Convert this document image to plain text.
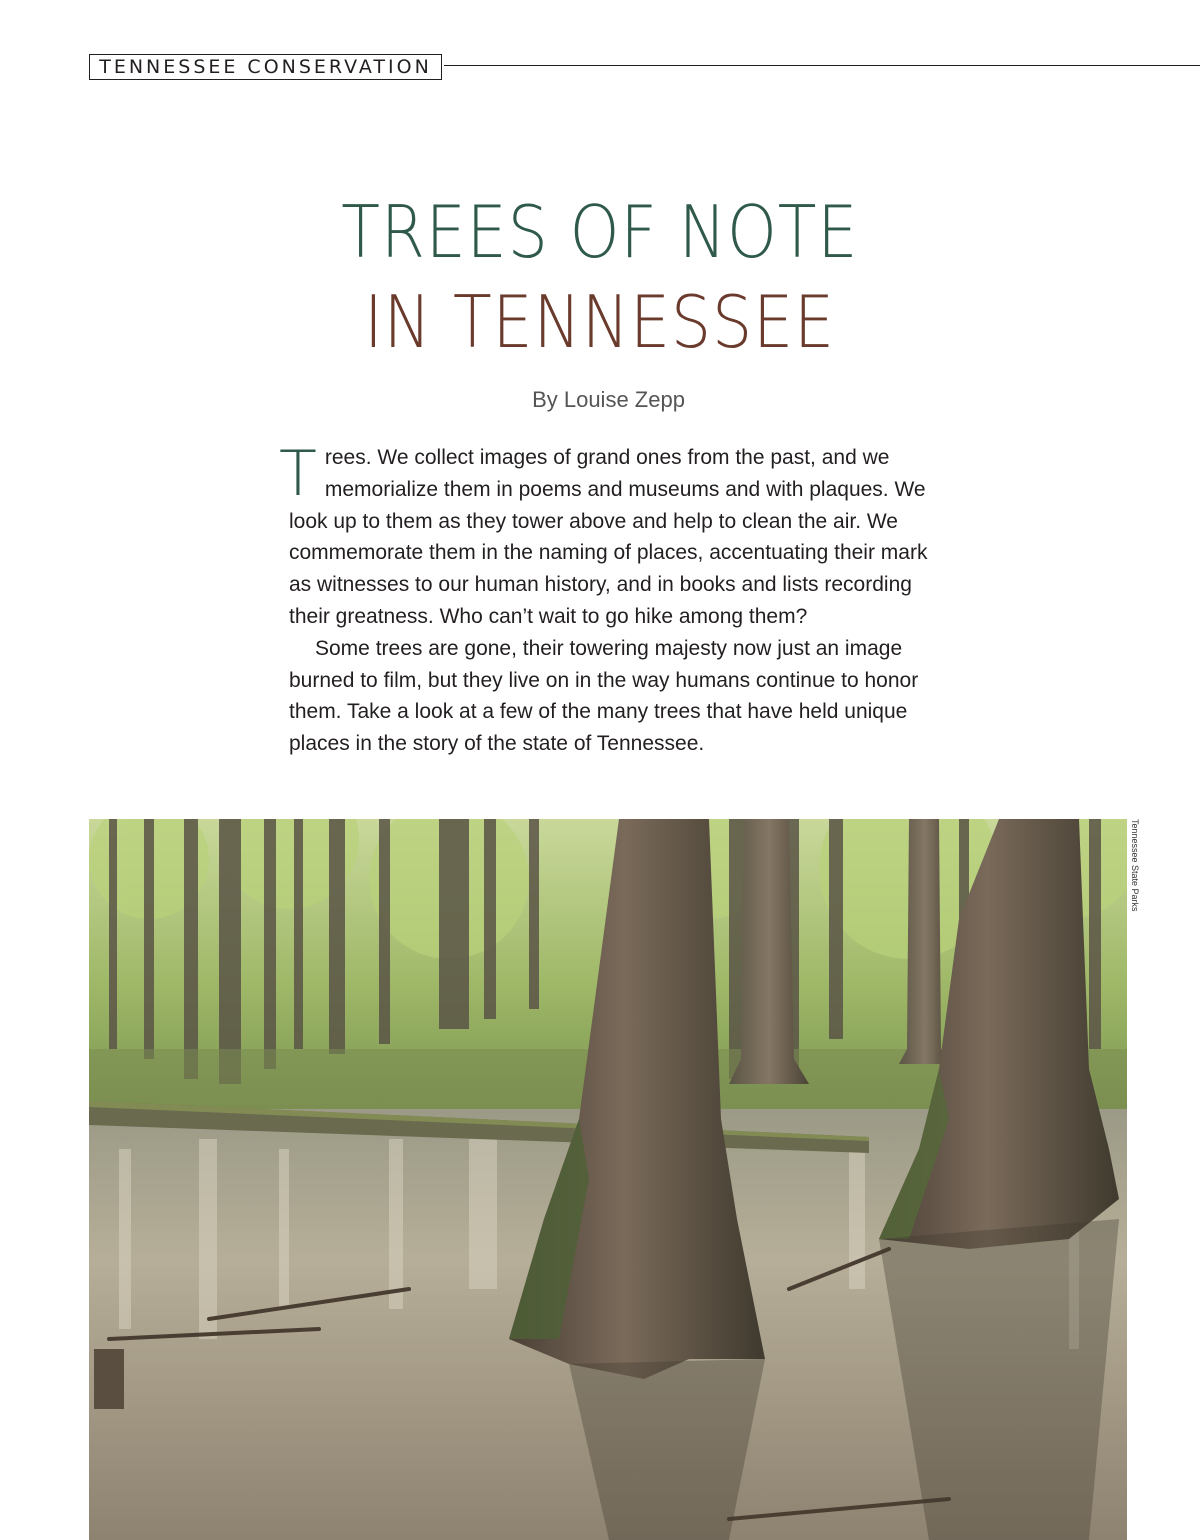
TENNESSEE CONSERVATION
TREES OF NOTE
IN TENNESSEE
By Louise Zepp

Trees. We collect images of grand ones from the past, and we memorialize them in poems and museums and with plaques. We look up to them as they tower above and help to clean the air. We commemorate them in the naming of places, accentuating their mark as witnesses to our human history, and in books and lists recording their greatness. Who can’t wait to go hike among them?

Some trees are gone, their towering majesty now just an image burned to film, but they live on in the way humans continue to honor them. Take a look at a few of the many trees that have held unique places in the story of the state of Tennessee.

Tennessee State Parks
